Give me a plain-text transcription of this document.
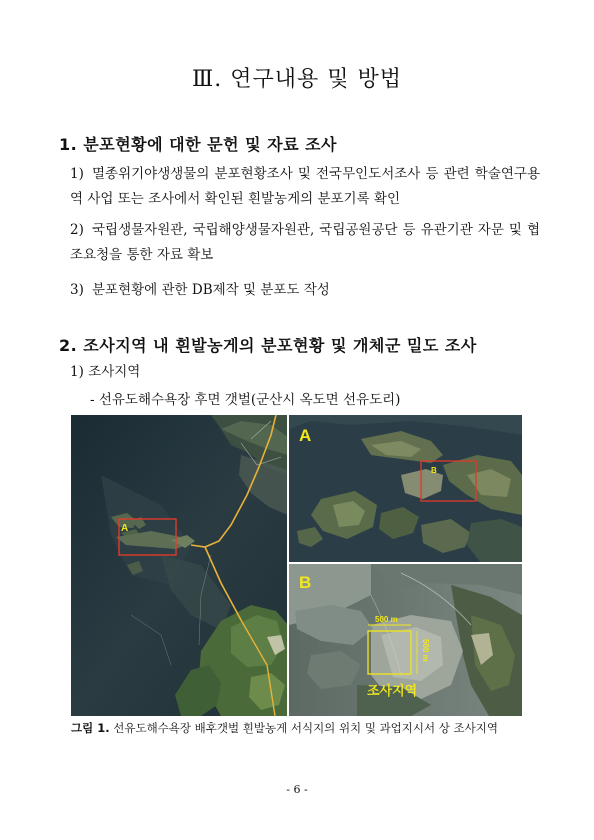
Ⅲ. 연구내용 및 방법
1. 분포현황에 대한 문헌 및 자료 조사
1) 멸종위기야생생물의 분포현황조사 및 전국무인도서조사 등 관련 학술연구용역 사업 또는 조사에서 확인된 흰발농게의 분포기록 확인
2) 국립생물자원관, 국립해양생물자원관, 국립공원공단 등 유관기관 자문 및 협조요청을 통한 자료 확보
3) 분포현황에 관한 DB제작 및 분포도 작성
2. 조사지역 내 흰발농게의 분포현황 및 개체군 밀도 조사
1) 조사지역
- 선유도해수욕장 후면 갯벌(군산시 옥도면 선유도리)
A
B
A
500 m
500 m
조사지역
B
그림 1. 선유도해수욕장 배후갯벌 흰발농게 서식지의 위치 및 과업지시서 상 조사지역
- 6 -
